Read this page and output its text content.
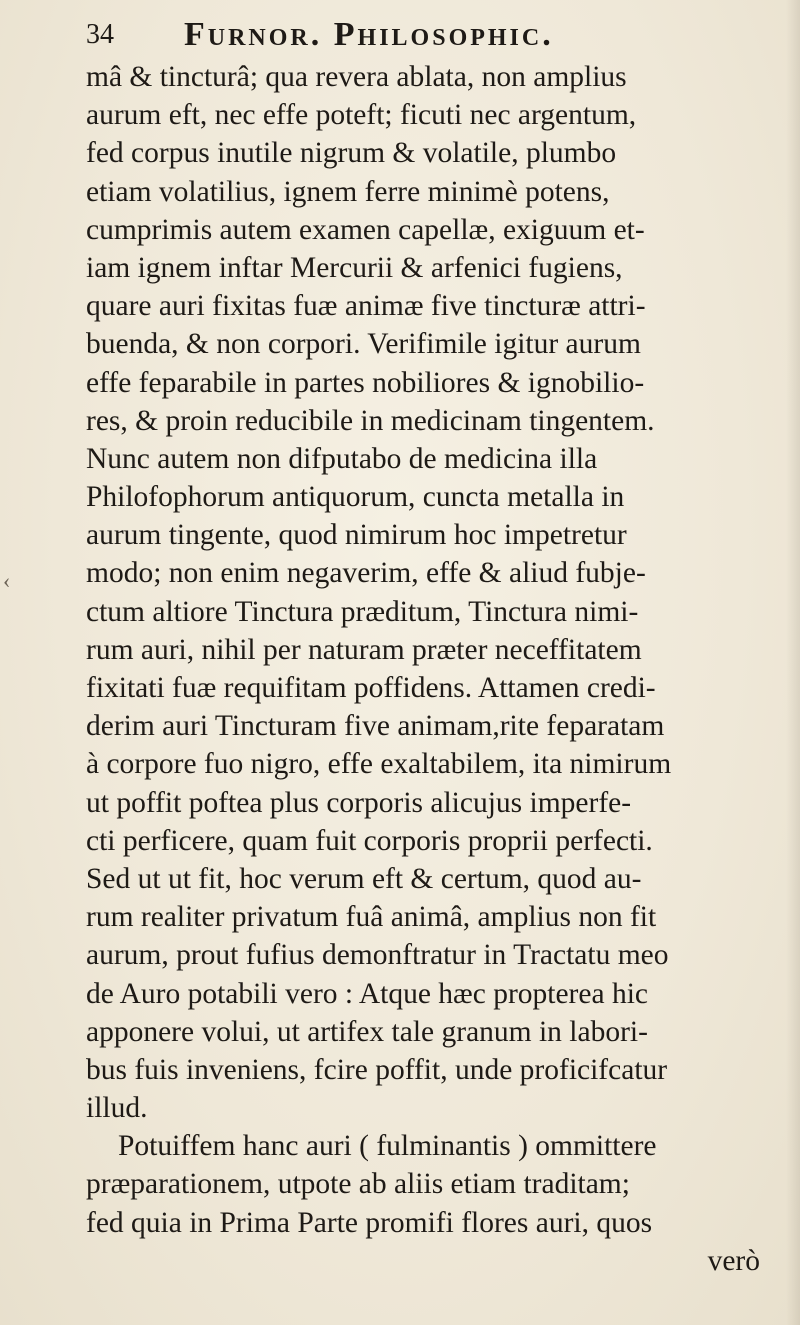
34 Furnor. Philosophic.
‹
mâ & tincturâ; qua revera ablata, non amplius
aurum eft, nec effe poteft; ficuti nec argentum,
fed corpus inutile nigrum & volatile, plumbo
etiam volatilius, ignem ferre minimè potens,
cumprimis autem examen capellæ, exiguum et-
iam ignem inftar Mercurii & arfenici fugiens,
quare auri fixitas fuæ animæ five tincturæ attri-
buenda, & non corpori. Verifimile igitur aurum
effe feparabile in partes nobiliores & ignobilio-
res, & proin reducibile in medicinam tingentem.
Nunc autem non difputabo de medicina illa
Philofophorum antiquorum, cuncta metalla in
aurum tingente, quod nimirum hoc impetretur
modo; non enim negaverim, effe & aliud fubje-
ctum altiore Tinctura præditum, Tinctura nimi-
rum auri, nihil per naturam præter neceffitatem
fixitati fuæ requifitam poffidens. Attamen credi-
derim auri Tincturam five animam,rite feparatam
à corpore fuo nigro, effe exaltabilem, ita nimirum
ut poffit poftea plus corporis alicujus imperfe-
cti perficere, quam fuit corporis proprii perfecti.
Sed ut ut fit, hoc verum eft & certum, quod au-
rum realiter privatum fuâ animâ, amplius non fit
aurum, prout fufius demonftratur in Tractatu meo
de Auro potabili vero : Atque hæc propterea hic
apponere volui, ut artifex tale granum in labori-
bus fuis inveniens, fcire poffit, unde proficifcatur
illud.
Potuiffem hanc auri ( fulminantis ) ommittere
præparationem, utpote ab aliis etiam traditam;
fed quia in Prima Parte promifi flores auri, quos
verò
